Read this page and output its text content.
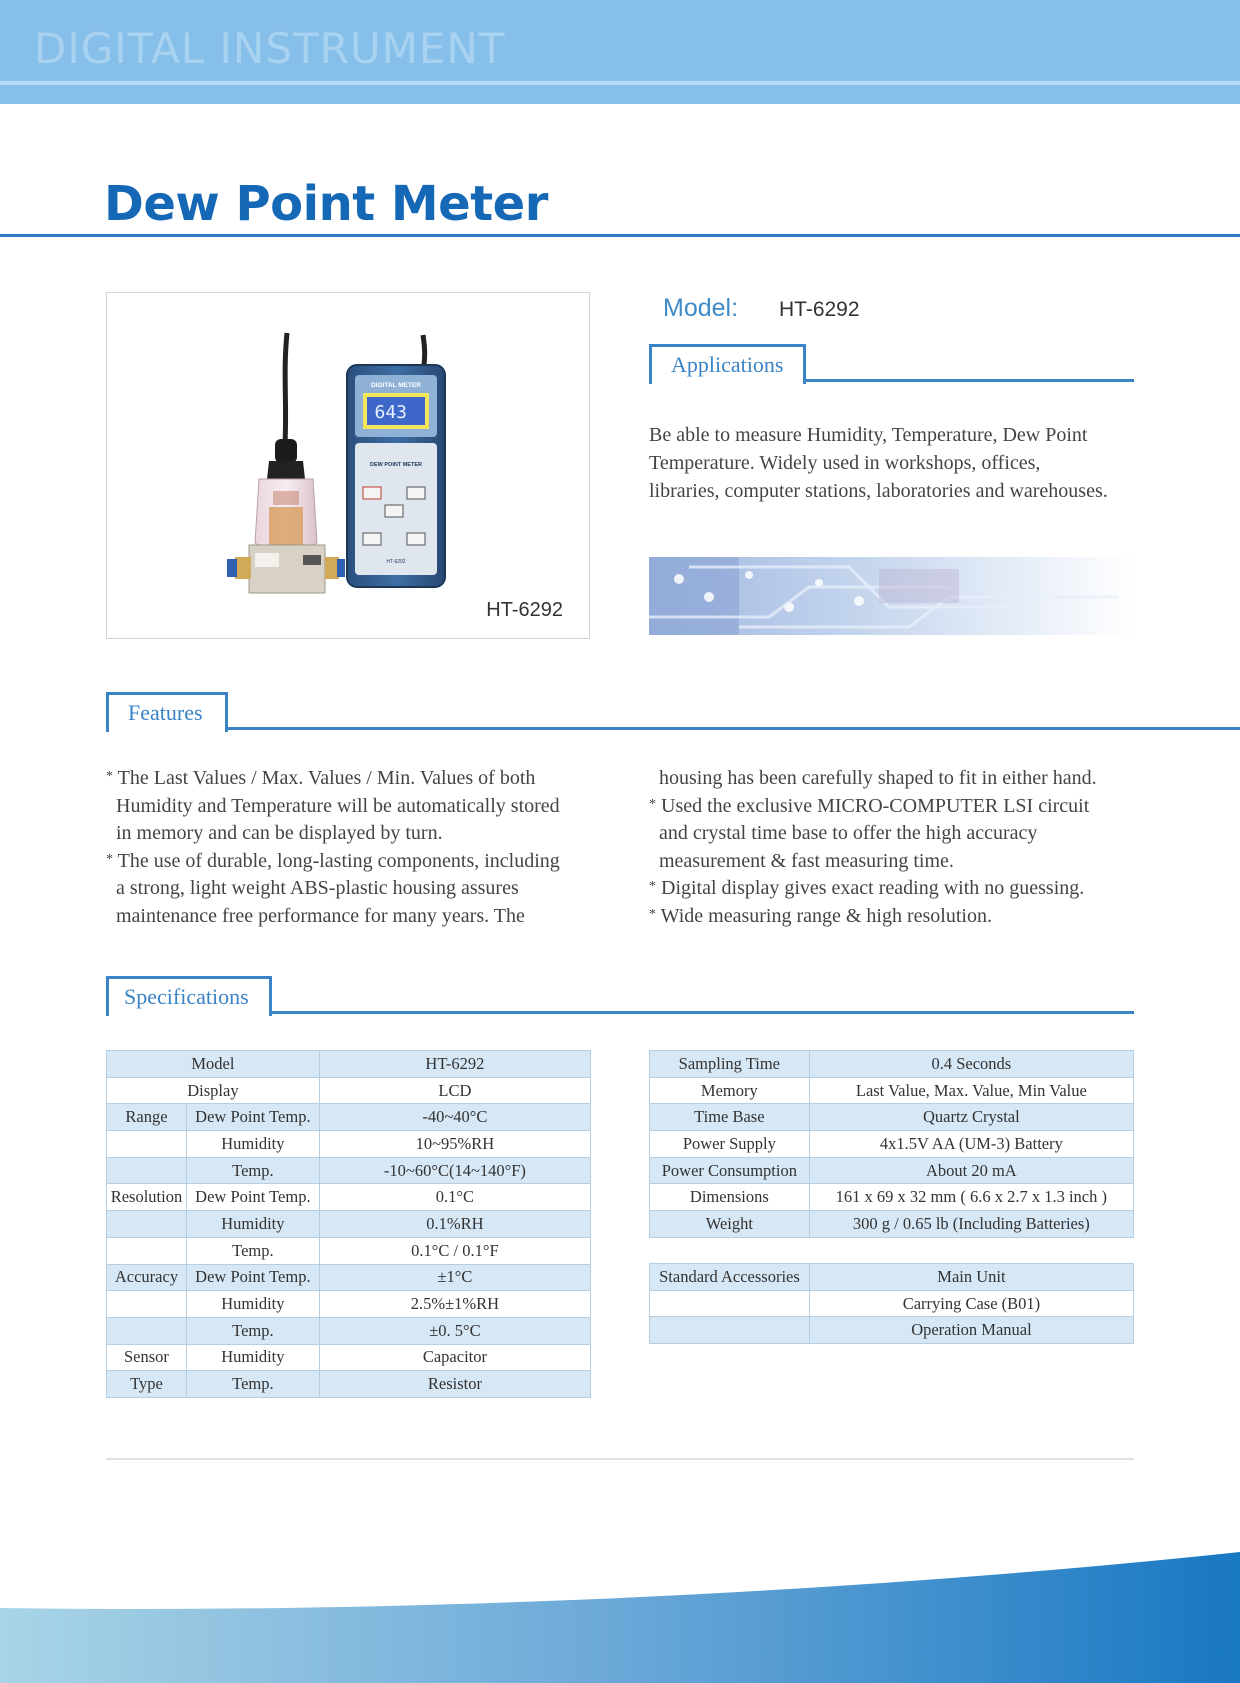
DIGITAL INSTRUMENT
Dew Point Meter
DIGITAL METER
643
DEW POINT METER
HT-6292
HT-6292
Model: HT-6292
Applications
Be able to measure Humidity, Temperature, Dew Point
Temperature. Widely used in workshops, offices,
libraries, computer stations, laboratories and warehouses.
Features

* The Last Values / Max. Values / Min. Values of both

Humidity and Temperature will be automatically stored

in memory and can be displayed by turn.

* The use of durable, long-lasting components, including

a strong, light weight ABS-plastic housing assures

maintenance free performance for many years. The

housing has been carefully shaped to fit in either hand.

* Used the exclusive MICRO-COMPUTER LSI circuit

and crystal time base to offer the high accuracy

measurement & fast measuring time.

* Digital display gives exact reading with no guessing.

* Wide measuring range & high resolution.

Specifications
Model		HT-6292
Display		LCD
Range	Dew Point Temp.	-40~40°C
	Humidity	10~95%RH
	Temp.	-10~60°C(14~140°F)
Resolution	Dew Point Temp.	0.1°C
	Humidity	0.1%RH
	Temp.	0.1°C / 0.1°F
Accuracy	Dew Point Temp.	±1°C
	Humidity	2.5%±1%RH
	Temp.	±0. 5°C
Sensor	Humidity	Capacitor
Type	Temp.	Resistor
Sampling Time	0.4 Seconds
Memory	Last Value, Max. Value, Min Value
Time Base	Quartz Crystal
Power Supply	4x1.5V AA (UM-3) Battery
Power Consumption	About 20 mA
Dimensions	161 x 69 x 32 mm ( 6.6 x 2.7 x 1.3 inch )
Weight	300 g / 0.65 lb (Including Batteries)
Standard Accessories	Main Unit
	Carrying Case (B01)
	Operation Manual
